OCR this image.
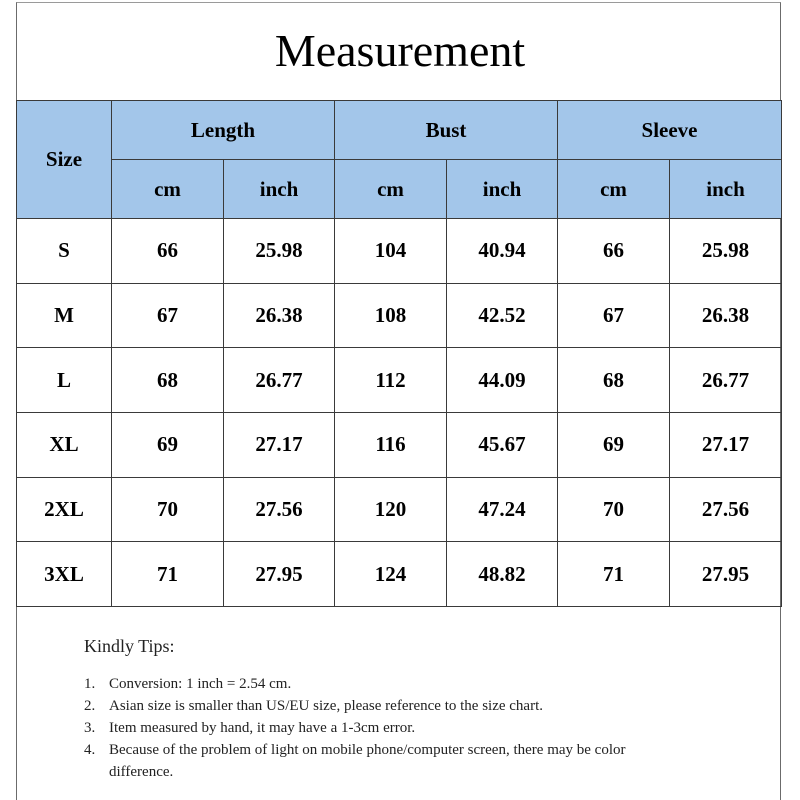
Measurement
Size	Length		Bust		Sleeve	
	cm	inch	cm	inch	cm	inch
S	66	25.98	104	40.94	66	25.98
M	67	26.38	108	42.52	67	26.38
L	68	26.77	112	44.09	68	26.77
XL	69	27.17	116	45.67	69	27.17
2XL	70	27.56	120	47.24	70	27.56
3XL	71	27.95	124	48.82	71	27.95
Kindly Tips:
1. Conversion: 1 inch = 2.54 cm.
2. Asian size is smaller than US/EU size, please reference to the size chart.
3. Item measured by hand, it may have a 1-3cm error.
4. Because of the problem of light on mobile phone/computer screen, there may be color difference.
